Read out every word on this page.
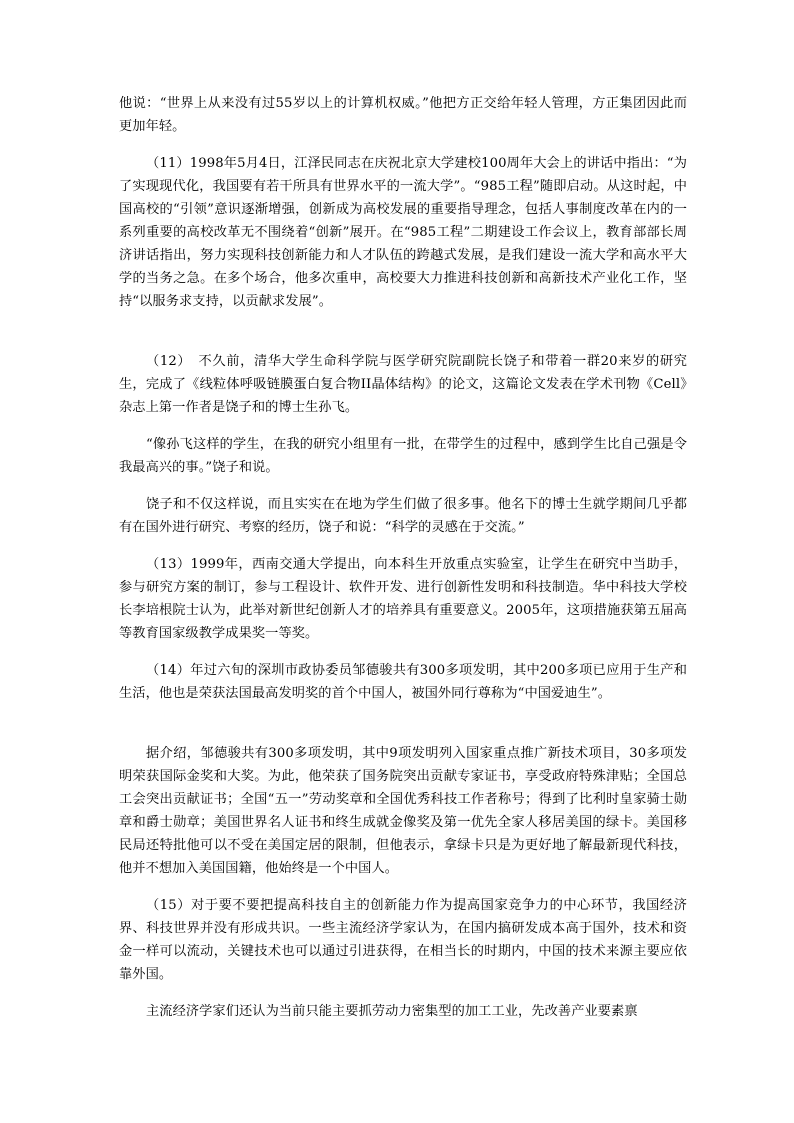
他说：“世界上从来没有过55岁以上的计算机权威。”他把方正交给年轻人管理，方正集团因此而更加年轻。

（11）1998年5月4日，江泽民同志在庆祝北京大学建校100周年大会上的讲话中指出：“为了实现现代化，我国要有若干所具有世界水平的一流大学”。“985工程”随即启动。从这时起，中国高校的“引领”意识逐渐增强，创新成为高校发展的重要指导理念，包括人事制度改革在内的一系列重要的高校改革无不围绕着“创新”展开。在“985工程”二期建设工作会议上，教育部部长周济讲话指出，努力实现科技创新能力和人才队伍的跨越式发展，是我们建设一流大学和高水平大学的当务之急。在多个场合，他多次重申，高校要大力推进科技创新和高新技术产业化工作，坚持“以服务求支持，以贡献求发展”。

（12）　不久前，清华大学生命科学院与医学研究院副院长饶子和带着一群20来岁的研究生，完成了《线粒体呼吸链膜蛋白复合物II晶体结构》的论文，这篇论文发表在学术刊物《Cell》杂志上第一作者是饶子和的博士生孙飞。

“像孙飞这样的学生，在我的研究小组里有一批，在带学生的过程中，感到学生比自己强是令我最高兴的事。”饶子和说。

饶子和不仅这样说，而且实实在在地为学生们做了很多事。他名下的博士生就学期间几乎都有在国外进行研究、考察的经历，饶子和说：“科学的灵感在于交流。”

（13）1999年，西南交通大学提出，向本科生开放重点实验室，让学生在研究中当助手，参与研究方案的制订，参与工程设计、软件开发、进行创新性发明和科技制造。华中科技大学校长李培根院士认为，此举对新世纪创新人才的培养具有重要意义。2005年，这项措施获第五届高等教育国家级教学成果奖一等奖。

（14）年过六旬的深圳市政协委员邹德骏共有300多项发明，其中200多项已应用于生产和生活，他也是荣获法国最高发明奖的首个中国人，被国外同行尊称为“中国爱迪生”。

据介绍，邹德骏共有300多项发明，其中9项发明列入国家重点推广新技术项目，30多项发明荣获国际金奖和大奖。为此，他荣获了国务院突出贡献专家证书，享受政府特殊津贴；全国总工会突出贡献证书；全国“五一”劳动奖章和全国优秀科技工作者称号；得到了比利时皇家骑士勋章和爵士勋章；美国世界名人证书和终生成就金像奖及第一优先全家人移居美国的绿卡。美国移民局还特批他可以不受在美国定居的限制，但他表示，拿绿卡只是为更好地了解最新现代科技，他并不想加入美国国籍，他始终是一个中国人。

（15）对于要不要把提高科技自主的创新能力作为提高国家竞争力的中心环节，我国经济界、科技世界并没有形成共识。一些主流经济学家认为，在国内搞研发成本高于国外，技术和资金一样可以流动，关键技术也可以通过引进获得，在相当长的时期内，中国的技术来源主要应依靠外国。

主流经济学家们还认为当前只能主要抓劳动力密集型的加工工业，先改善产业要素禀
